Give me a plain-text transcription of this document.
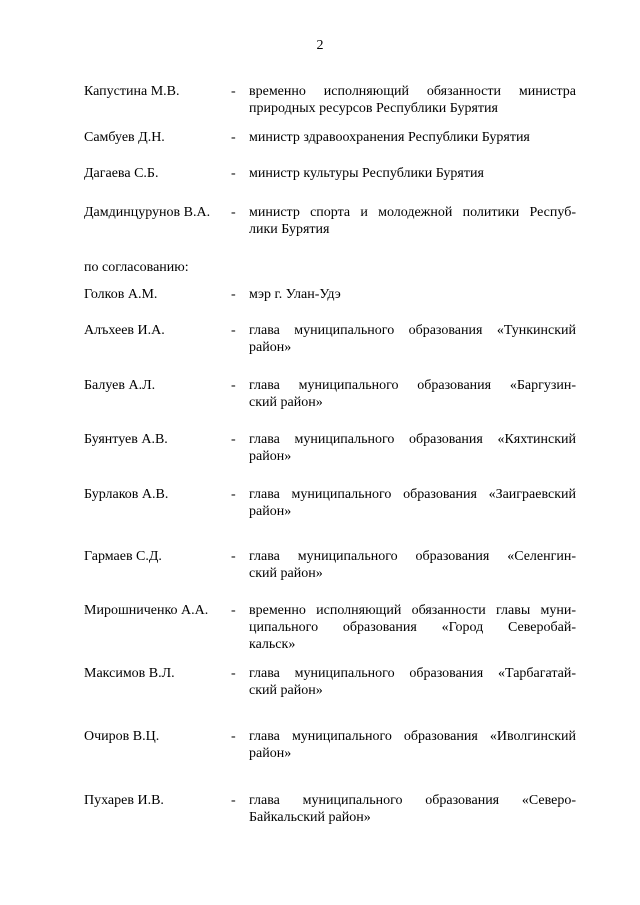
2
Капустина М.В.	- временно исполняющий обязанности министра
природных ресурсов Республики Бурятия
Самбуев Д.Н.	- министр здравоохранения Республики Бурятия
Дагаева С.Б.	- министр культуры Республики Бурятия
Дамдинцурунов В.А. - министр спорта и молодежной политики Респуб-
лики Бурятия
по согласованию:
Голков А.М.	- мэр г. Улан-Удэ
Алъхеев И.А.	- глава муниципального образования «Тункинский
район»
Балуев А.Л.	- глава муниципального образования «Баргузин-
ский район»
Буянтуев А.В.	- глава муниципального образования «Кяхтинский
район»
Бурлаков А.В.	- глава муниципального образования «Заиграевский
район»
Гармаев С.Д.	- глава муниципального образования «Селенгин-
ский район»
Мирошниченко А.А. - временно исполняющий обязанности главы муни-
ципального образования «Город Северобай-
кальск»
Максимов В.Л.	- глава муниципального образования «Тарбагатай-
ский район»
Очиров В.Ц.	- глава муниципального образования «Иволгинский
район»
Пухарев И.В.	- глава муниципального образования «Северо-
Байкальский район»
